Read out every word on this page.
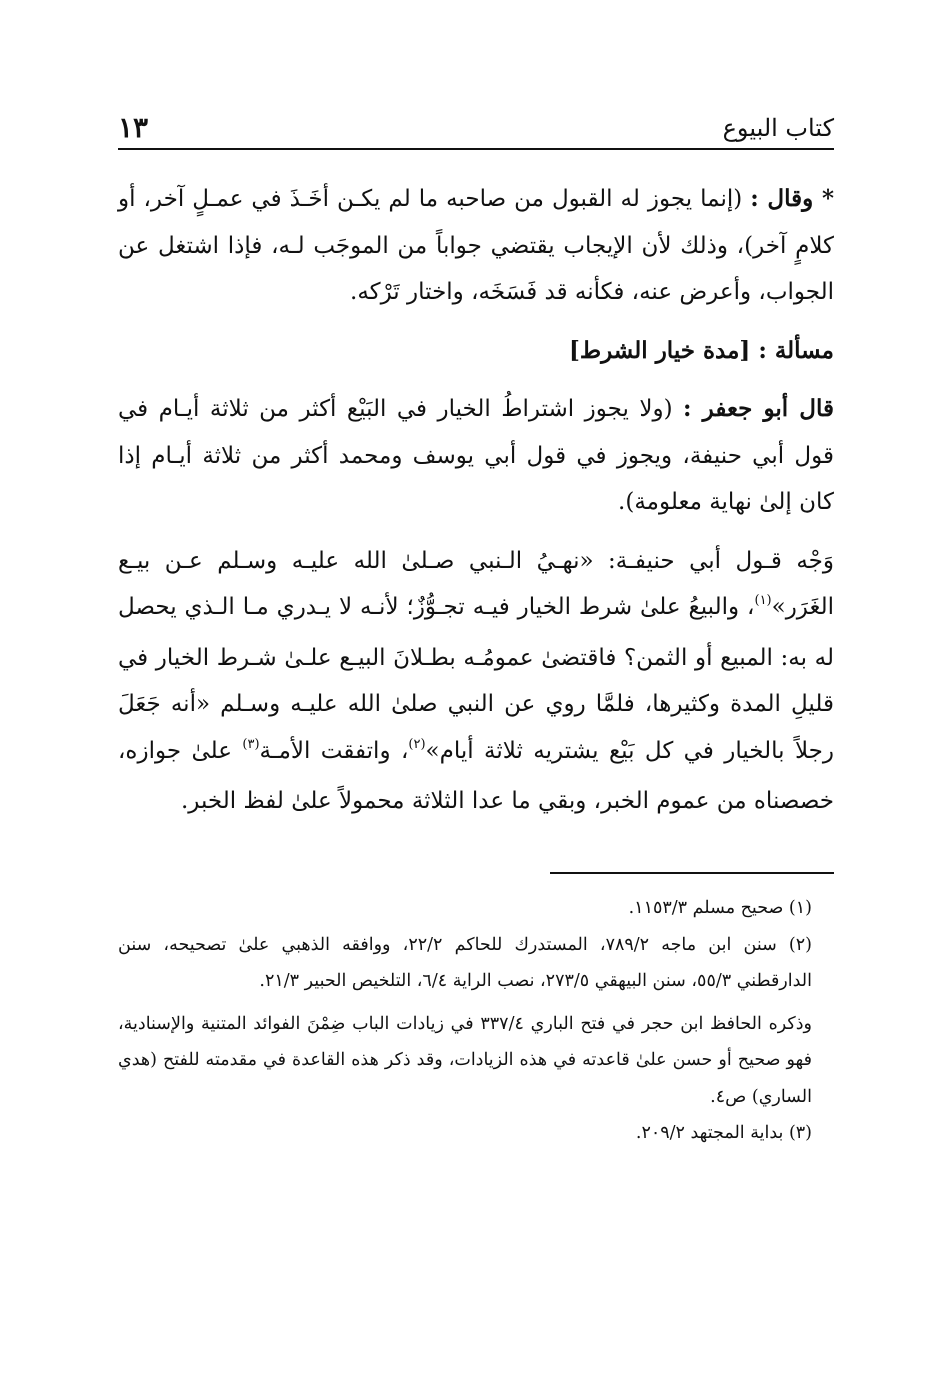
كتاب البيوع
١٣

* وقال : (إنما يجوز له القبول من صاحبه ما لم يكـن أخَـذَ في عمـلٍ آخر، أو كلامٍ آخر)، وذلك لأن الإيجاب يقتضي جواباً من الموجَب لـه، فإذا اشتغل عن الجواب، وأعرض عنه، فكأنه قد فَسَخَه، واختار تَرْكه.

مسألة : [مدة خيار الشرط]

قال أبو جعفر : (ولا يجوز اشتراطُ الخيار في البَيْع أكثر من ثلاثة أيـام في قول أبي حنيفة، ويجوز في قول أبي يوسف ومحمد أكثر من ثلاثة أيـام إذا كان إلىٰ نهاية معلومة).

وَجْه قـول أبي حنيفـة: «نهـيُ الـنبي صـلىٰ الله عليـه وسـلم عـن بيـع الغَرَر»$^{(١)}$، والبيعُ علىٰ شرط الخيار فيـه تجـوُّزٌ؛ لأنـه لا يـدري مـا الـذي يحصل له به: المبيع أو الثمن؟ فاقتضىٰ عمومُـه بطـلانَ البيـع علـىٰ شـرط الخيار في قليلِ المدة وكثيرها، فلمَّا روي عن النبي صلىٰ الله عليـه وسـلم «أنه جَعَلَ رجلاً بالخيار في كل بَيْع يشتريه ثلاثة أيام»$^{(٢)}$، واتفقت الأمـة$^{(٣)}$ علىٰ جوازه، خصصناه من عموم الخبر، وبقي ما عدا الثلاثة محمولاً علىٰ لفظ الخبر.

(١) صحيح مسلم ١١٥٣/٣.

(٢) سنن ابن ماجه ٧٨٩/٢، المستدرك للحاكم ٢٢/٢، ووافقه الذهبي علىٰ تصحيحه، سنن الدارقطني ٥٥/٣، سنن البيهقي ٢٧٣/٥، نصب الراية ٦/٤، التلخيص الحبير ٢١/٣.

وذكره الحافظ ابن حجر في فتح الباري ٣٣٧/٤ في زيادات الباب ضِمْنَ الفوائد المتنية والإسنادية، فهو صحيح أو حسن علىٰ قاعدته في هذه الزيادات، وقد ذكر هذه القاعدة في مقدمته للفتح (هدي الساري) ص٤.

(٣) بداية المجتهد ٢٠٩/٢.
